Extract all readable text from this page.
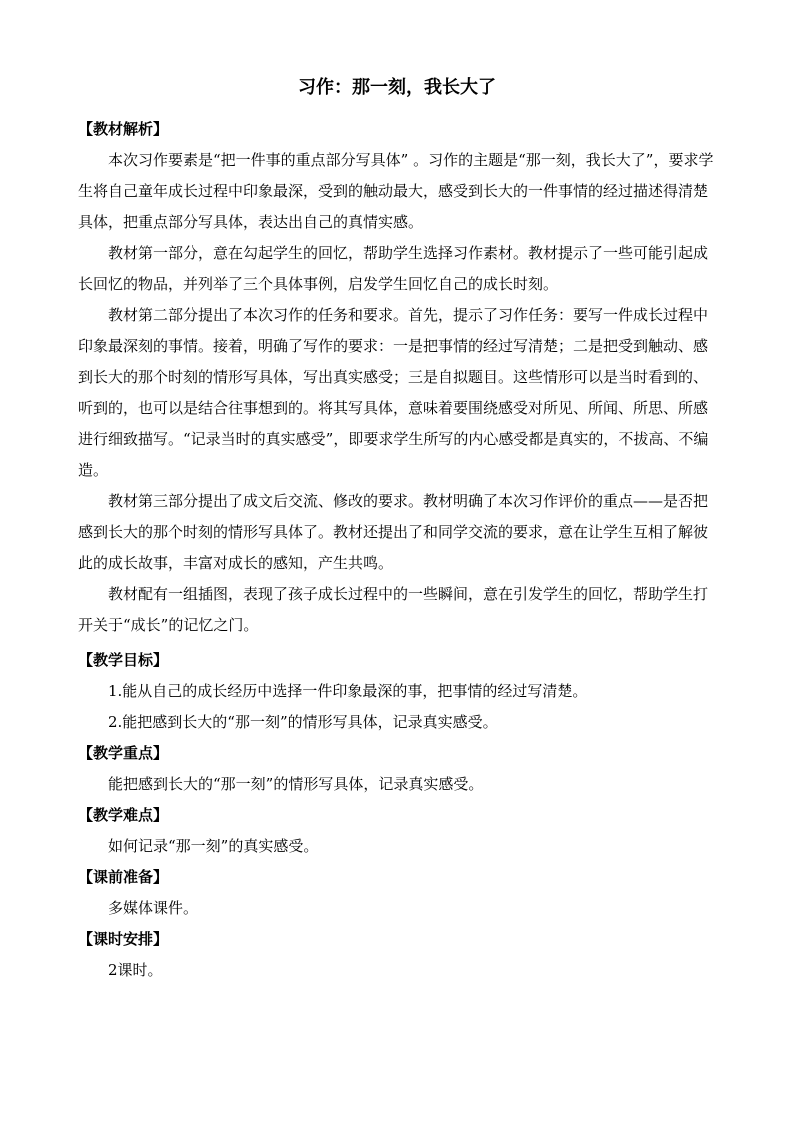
习作：那一刻，我长大了
【教材解析】

本次习作要素是“把一件事的重点部分写具体” 。习作的主题是“那一刻，我长大了”，要求学生将自己童年成长过程中印象最深，受到的触动最大，感受到长大的一件事情的经过描述得清楚具体，把重点部分写具体，表达出自己的真情实感。

教材第一部分，意在勾起学生的回忆，帮助学生选择习作素材。教材提示了一些可能引起成长回忆的物品，并列举了三个具体事例，启发学生回忆自己的成长时刻。

教材第二部分提出了本次习作的任务和要求。首先，提示了习作任务：要写一件成长过程中印象最深刻的事情。接着，明确了写作的要求：一是把事情的经过写清楚；二是把受到触动、感到长大的那个时刻的情形写具体，写出真实感受；三是自拟题目。这些情形可以是当时看到的、听到的，也可以是结合往事想到的。将其写具体，意味着要围绕感受对所见、所闻、所思、所感进行细致描写。“记录当时的真实感受”，即要求学生所写的内心感受都是真实的，不拔高、不编造。

教材第三部分提出了成文后交流、修改的要求。教材明确了本次习作评价的重点——是否把感到长大的那个时刻的情形写具体了。教材还提出了和同学交流的要求，意在让学生互相了解彼此的成长故事，丰富对成长的感知，产生共鸣。

教材配有一组插图，表现了孩子成长过程中的一些瞬间，意在引发学生的回忆，帮助学生打开关于“成长”的记忆之门。

【教学目标】

1.能从自己的成长经历中选择一件印象最深的事，把事情的经过写清楚。

2.能把感到长大的“那一刻”的情形写具体，记录真实感受。

【教学重点】

能把感到长大的“那一刻”的情形写具体，记录真实感受。

【教学难点】

如何记录“那一刻”的真实感受。

【课前准备】

多媒体课件。

【课时安排】

2课时。
